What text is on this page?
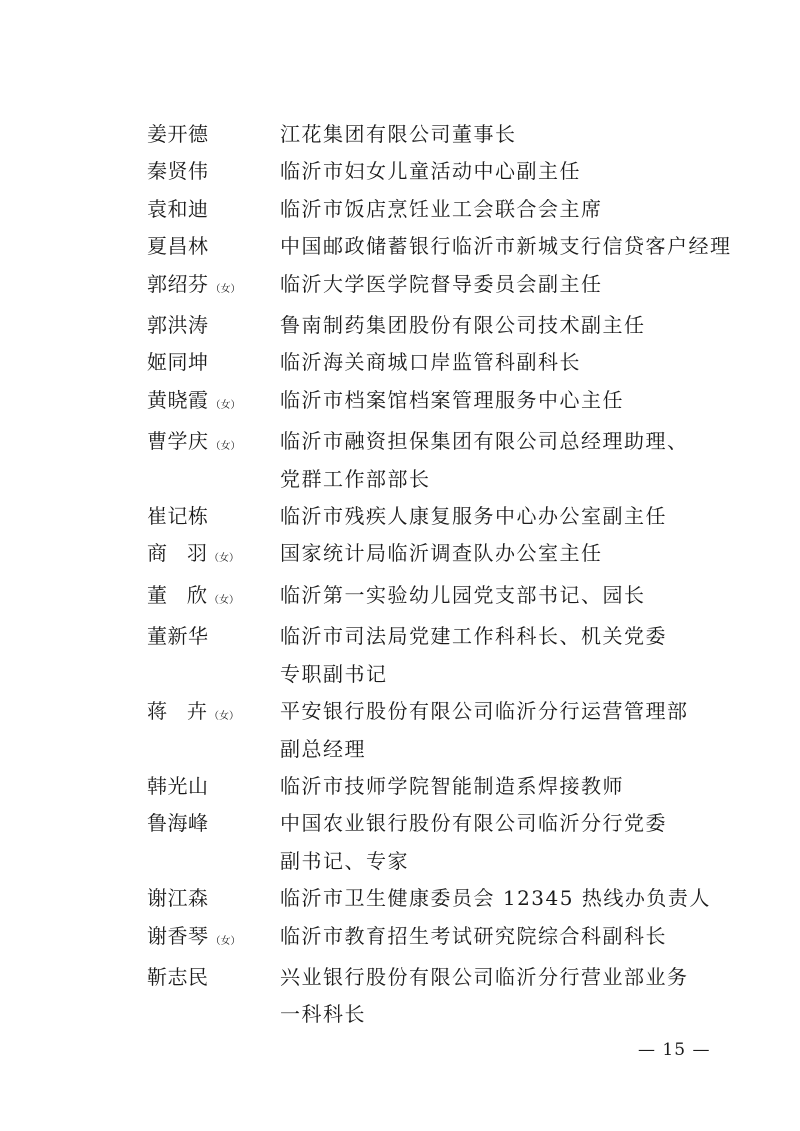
姜开德	江花集团有限公司董事长
秦贤伟	临沂市妇女儿童活动中心副主任
袁和迪	临沂市饭店烹饪业工会联合会主席
夏昌林	中国邮政储蓄银行临沂市新城支行信贷客户经理
郭绍芬 （女）	临沂大学医学院督导委员会副主任
郭洪涛	鲁南制药集团股份有限公司技术副主任
姬同坤	临沂海关商城口岸监管科副科长
黄晓霞 （女）	临沂市档案馆档案管理服务中心主任
曹学庆 （女）	临沂市融资担保集团有限公司总经理助理、
党群工作部部长
崔记栋	临沂市残疾人康复服务中心办公室副主任
商　羽 （女）	国家统计局临沂调查队办公室主任
董　欣 （女）	临沂第一实验幼儿园党支部书记、园长
董新华	临沂市司法局党建工作科科长、机关党委
专职副书记
蒋　卉 （女）	平安银行股份有限公司临沂分行运营管理部
副总经理
韩光山	临沂市技师学院智能制造系焊接教师
鲁海峰	中国农业银行股份有限公司临沂分行党委
副书记、专家
谢江森	临沂市卫生健康委员会 12345 热线办负责人
谢香琴 （女）	临沂市教育招生考试研究院综合科副科长
靳志民	兴业银行股份有限公司临沂分行营业部业务
一科科长
— 15 —
